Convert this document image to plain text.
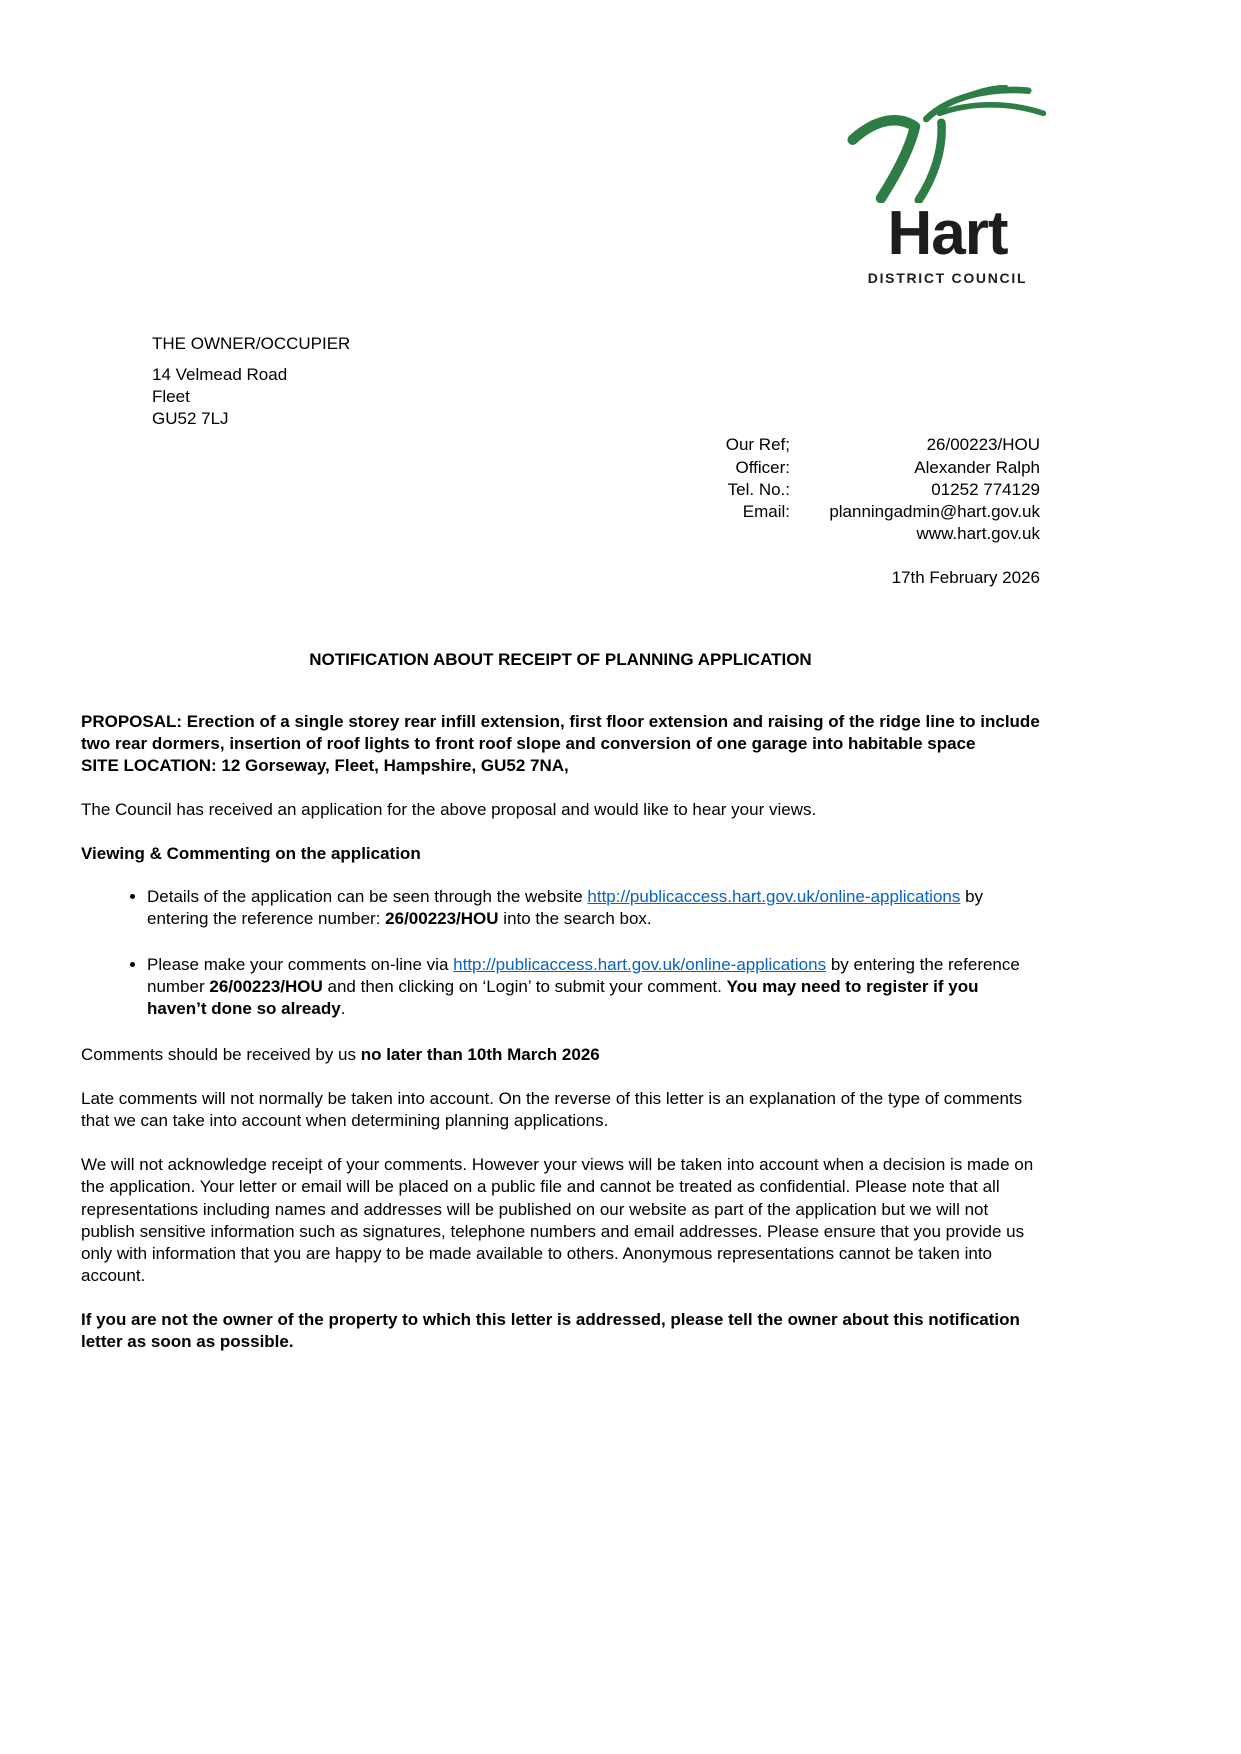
Hart
DISTRICT COUNCIL
THE OWNER/OCCUPIER
14 Velmead Road
Fleet
GU52 7LJ
Our Ref;	26/00223/HOU
Officer:	Alexander Ralph
Tel. No.:	01252 774129
Email:	planningadmin@hart.gov.uk
www.hart.gov.uk
17th February 2026
NOTIFICATION ABOUT RECEIPT OF PLANNING APPLICATION
PROPOSAL: Erection of a single storey rear infill extension, first floor extension and raising of the ridge line to include two rear dormers, insertion of roof lights to front roof slope and conversion of one garage into habitable space
SITE LOCATION: 12 Gorseway, Fleet, Hampshire, GU52 7NA,

The Council has received an application for the above proposal and would like to hear your views.

Viewing & Commenting on the application

• Details of the application can be seen through the website http://publicaccess.hart.gov.uk/online-applications by entering the reference number: 26/00223/HOU into the search box.
• Please make your comments on-line via http://publicaccess.hart.gov.uk/online-applications by entering the reference number 26/00223/HOU and then clicking on ‘Login’ to submit your comment. You may need to register if you haven’t done so already.

Comments should be received by us no later than 10th March 2026

Late comments will not normally be taken into account. On the reverse of this letter is an explanation of the type of comments that we can take into account when determining planning applications.

We will not acknowledge receipt of your comments. However your views will be taken into account when a decision is made on the application. Your letter or email will be placed on a public file and cannot be treated as confidential. Please note that all representations including names and addresses will be published on our website as part of the application but we will not publish sensitive information such as signatures, telephone numbers and email addresses. Please ensure that you provide us only with information that you are happy to be made available to others. Anonymous representations cannot be taken into account.

If you are not the owner of the property to which this letter is addressed, please tell the owner about this notification letter as soon as possible.
